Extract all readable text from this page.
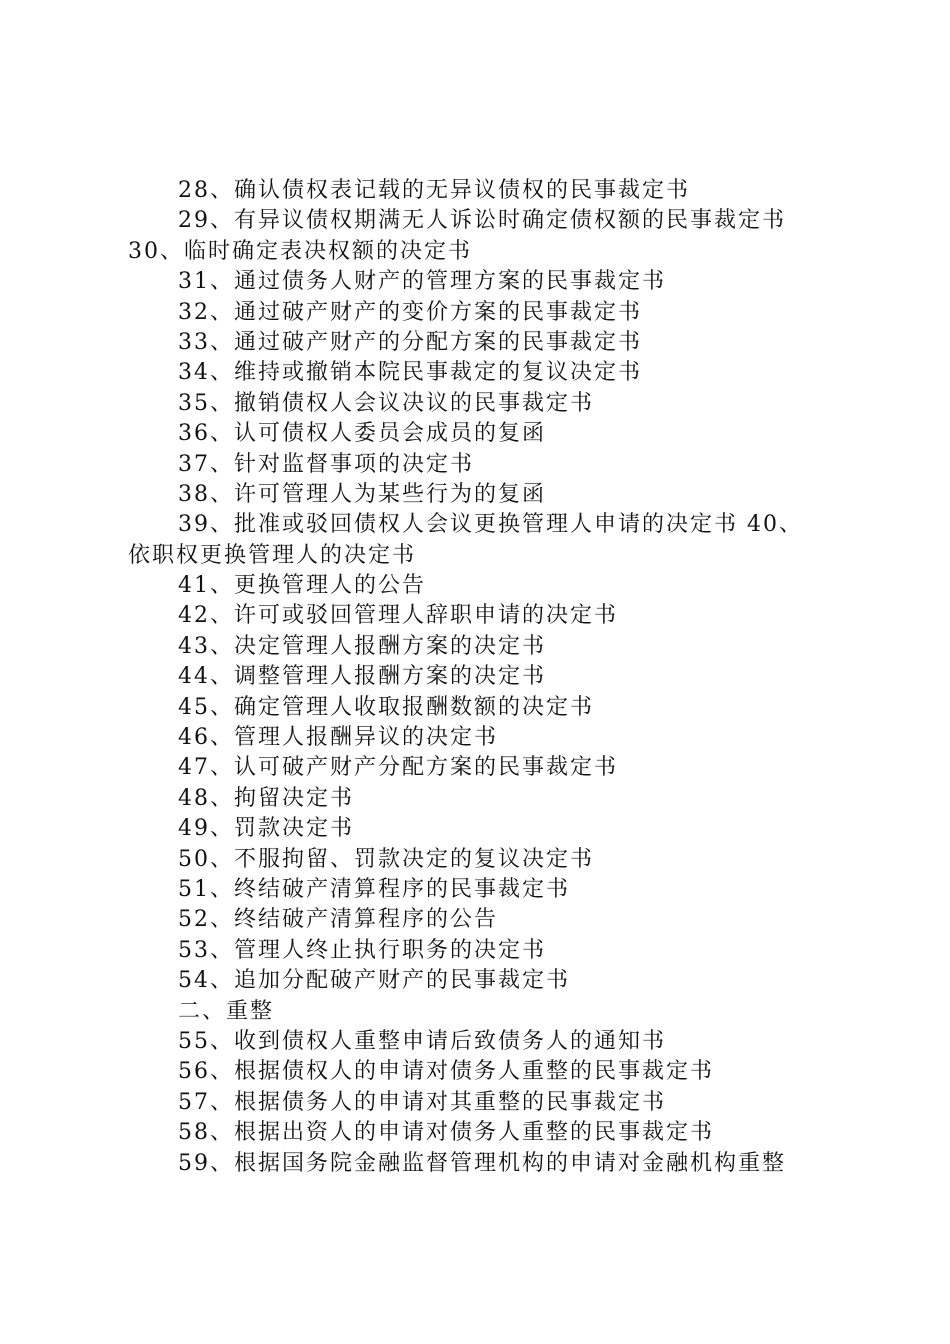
28、确认债权表记载的无异议债权的民事裁定书
29、有异议债权期满无人诉讼时确定债权额的民事裁定书
30、临时确定表决权额的决定书
31、通过债务人财产的管理方案的民事裁定书
32、通过破产财产的变价方案的民事裁定书
33、通过破产财产的分配方案的民事裁定书
34、维持或撤销本院民事裁定的复议决定书
35、撤销债权人会议决议的民事裁定书
36、认可债权人委员会成员的复函
37、针对监督事项的决定书
38、许可管理人为某些行为的复函
39、批准或驳回债权人会议更换管理人申请的决定书 40、
依职权更换管理人的决定书
41、更换管理人的公告
42、许可或驳回管理人辞职申请的决定书
43、决定管理人报酬方案的决定书
44、调整管理人报酬方案的决定书
45、确定管理人收取报酬数额的决定书
46、管理人报酬异议的决定书
47、认可破产财产分配方案的民事裁定书
48、拘留决定书
49、罚款决定书
50、不服拘留、罚款决定的复议决定书
51、终结破产清算程序的民事裁定书
52、终结破产清算程序的公告
53、管理人终止执行职务的决定书
54、追加分配破产财产的民事裁定书
二、重整
55、收到债权人重整申请后致债务人的通知书
56、根据债权人的申请对债务人重整的民事裁定书
57、根据债务人的申请对其重整的民事裁定书
58、根据出资人的申请对债务人重整的民事裁定书
59、根据国务院金融监督管理机构的申请对金融机构重整
